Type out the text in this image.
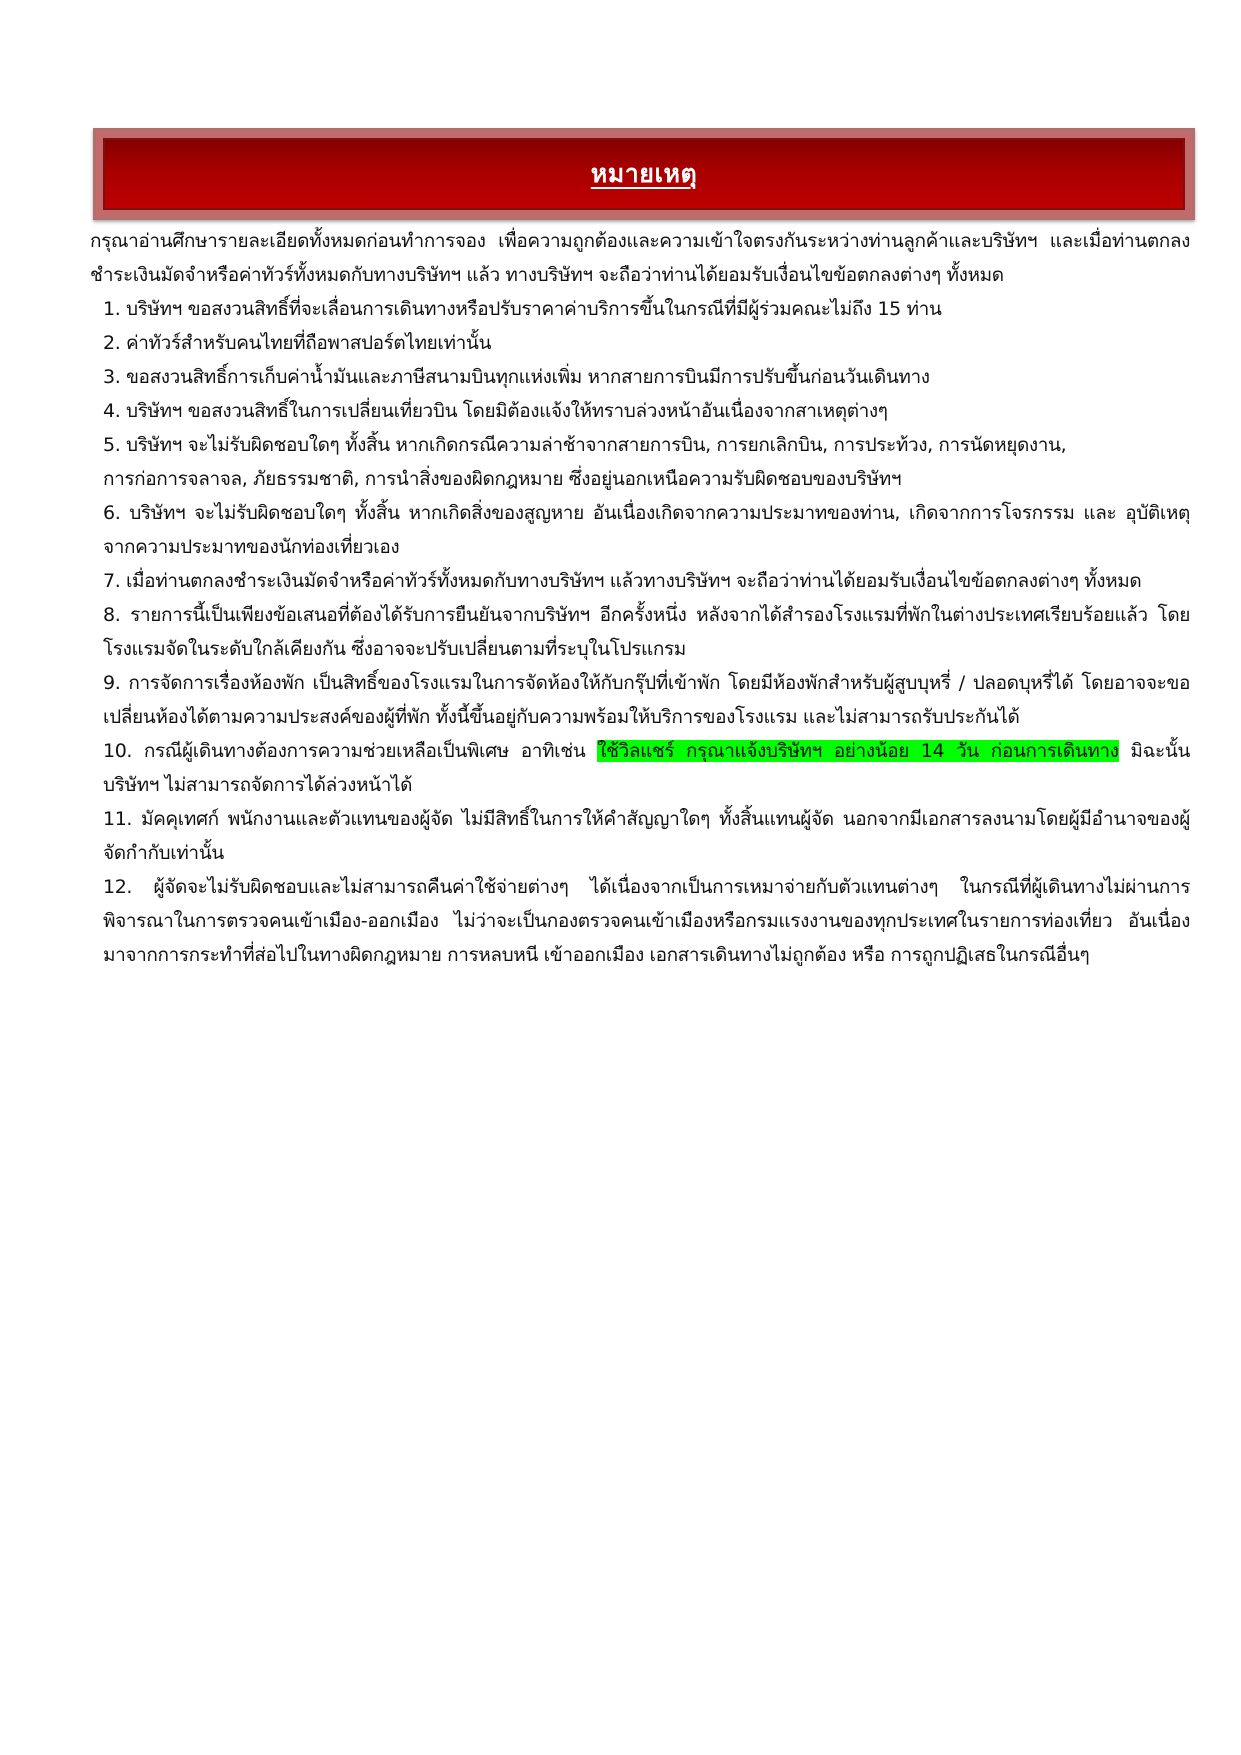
หมายเหตุ

กรุณาอ่านศึกษารายละเอียดทั้งหมดก่อนทำการจอง เพื่อความถูกต้องและความเข้าใจตรงกันระหว่างท่านลูกค้าและบริษัทฯ และเมื่อท่านตกลงชำระเงินมัดจำหรือค่าทัวร์ทั้งหมดกับทางบริษัทฯ แล้ว ทางบริษัทฯ จะถือว่าท่านได้ยอมรับเงื่อนไขข้อตกลงต่างๆ ทั้งหมด

1. บริษัทฯ ขอสงวนสิทธิ์ที่จะเลื่อนการเดินทางหรือปรับราคาค่าบริการขึ้นในกรณีที่มีผู้ร่วมคณะไม่ถึง 15 ท่าน
2. ค่าทัวร์สำหรับคนไทยที่ถือพาสปอร์ตไทยเท่านั้น
3. ขอสงวนสิทธิ์การเก็บค่าน้ำมันและภาษีสนามบินทุกแห่งเพิ่ม หากสายการบินมีการปรับขึ้นก่อนวันเดินทาง
4. บริษัทฯ ขอสงวนสิทธิ์ในการเปลี่ยนเที่ยวบิน โดยมิต้องแจ้งให้ทราบล่วงหน้าอันเนื่องจากสาเหตุต่างๆ
5. บริษัทฯ จะไม่รับผิดชอบใดๆ ทั้งสิ้น หากเกิดกรณีความล่าช้าจากสายการบิน, การยกเลิกบิน, การประท้วง, การนัดหยุดงาน,
การก่อการจลาจล, ภัยธรรมชาติ, การนำสิ่งของผิดกฎหมาย ซึ่งอยู่นอกเหนือความรับผิดชอบของบริษัทฯ
6. บริษัทฯ จะไม่รับผิดชอบใดๆ ทั้งสิ้น หากเกิดสิ่งของสูญหาย อันเนื่องเกิดจากความประมาทของท่าน, เกิดจากการโจรกรรม และ อุบัติเหตุจากความประมาทของนักท่องเที่ยวเอง
7. เมื่อท่านตกลงชำระเงินมัดจำหรือค่าทัวร์ทั้งหมดกับทางบริษัทฯ แล้วทางบริษัทฯ จะถือว่าท่านได้ยอมรับเงื่อนไขข้อตกลงต่างๆ ทั้งหมด
8. รายการนี้เป็นเพียงข้อเสนอที่ต้องได้รับการยืนยันจากบริษัทฯ อีกครั้งหนึ่ง หลังจากได้สำรองโรงแรมที่พักในต่างประเทศเรียบร้อยแล้ว โดยโรงแรมจัดในระดับใกล้เคียงกัน ซึ่งอาจจะปรับเปลี่ยนตามที่ระบุในโปรแกรม
9. การจัดการเรื่องห้องพัก เป็นสิทธิ์ของโรงแรมในการจัดห้องให้กับกรุ๊ปที่เข้าพัก โดยมีห้องพักสำหรับผู้สูบบุหรี่ / ปลอดบุหรี่ได้ โดยอาจจะขอเปลี่ยนห้องได้ตามความประสงค์ของผู้ที่พัก ทั้งนี้ขึ้นอยู่กับความพร้อมให้บริการของโรงแรม และไม่สามารถรับประกันได้
10. กรณีผู้เดินทางต้องการความช่วยเหลือเป็นพิเศษ อาทิเช่น ใช้วิลแชร์ กรุณาแจ้งบริษัทฯ อย่างน้อย 14 วัน ก่อนการเดินทาง มิฉะนั้น บริษัทฯ ไม่สามารถจัดการได้ล่วงหน้าได้
11. มัคคุเทศก์ พนักงานและตัวแทนของผู้จัด ไม่มีสิทธิ์ในการให้คำสัญญาใดๆ ทั้งสิ้นแทนผู้จัด นอกจากมีเอกสารลงนามโดยผู้มีอำนาจของผู้จัดกำกับเท่านั้น
12. ผู้จัดจะไม่รับผิดชอบและไม่สามารถคืนค่าใช้จ่ายต่างๆ ได้เนื่องจากเป็นการเหมาจ่ายกับตัวแทนต่างๆ ในกรณีที่ผู้เดินทางไม่ผ่านการพิจารณาในการตรวจคนเข้าเมือง-ออกเมือง ไม่ว่าจะเป็นกองตรวจคนเข้าเมืองหรือกรมแรงงานของทุกประเทศในรายการท่องเที่ยว อันเนื่องมาจากการกระทำที่ส่อไปในทางผิดกฎหมาย การหลบหนี เข้าออกเมือง เอกสารเดินทางไม่ถูกต้อง หรือ การถูกปฏิเสธในกรณีอื่นๆ
